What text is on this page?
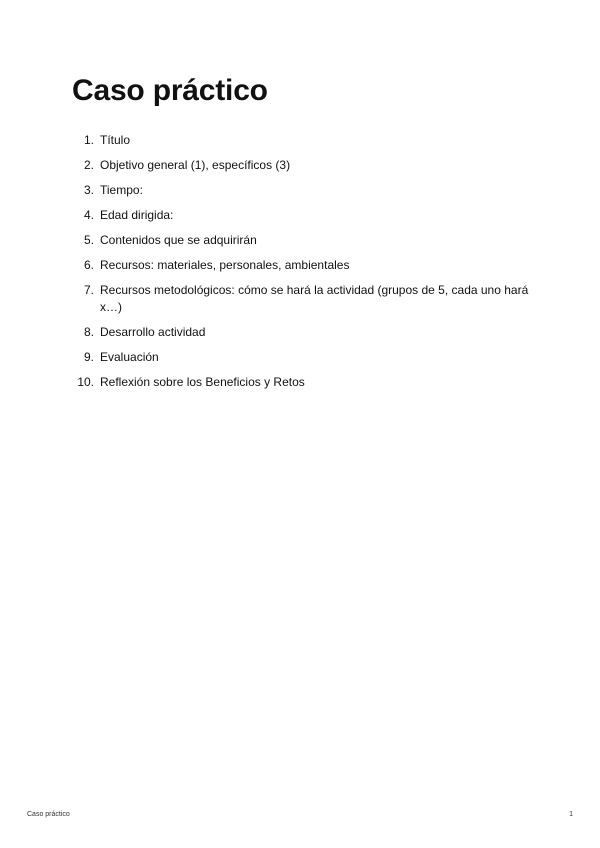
Caso práctico
1. Título
2. Objetivo general (1), específicos (3)
3. Tiempo:
4. Edad dirigida:
5. Contenidos que se adquirirán
6. Recursos: materiales, personales, ambientales
7. Recursos metodológicos: cómo se hará la actividad (grupos de 5, cada uno hará x…)
8. Desarrollo actividad
9. Evaluación
10. Reflexión sobre los Beneficios y Retos
Caso práctico	1
